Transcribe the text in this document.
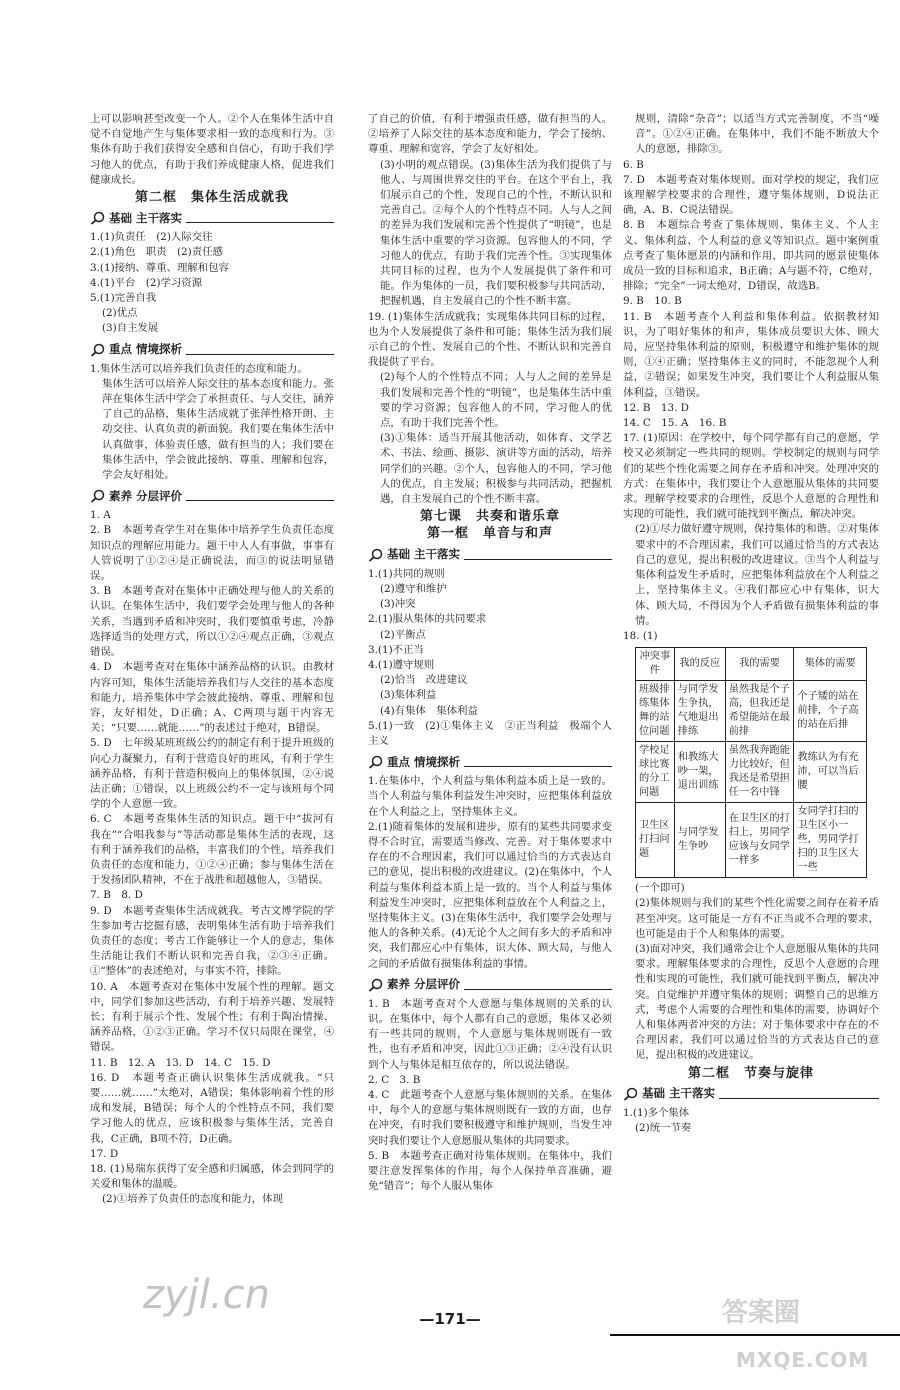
上可以影响甚至改变一个人。②个人在集体生活中自觉不自觉地产生与集体要求相一致的态度和行为。③集体有助于我们获得安全感和自信心，有助于我们学习他人的优点，有助于我们养成健康人格，促进我们健康成长。

第二框　集体生活成就我
基础 主干落实

1.(1)负责任　(2)人际交往

2.(1)角色　职责　(2)责任感

3.(1)接纳、尊重、理解和包容

4.(1)平台　(2)学习资源

5.(1)完善自我

(2)优点

(3)自主发展

重点 情境探析

1.集体生活可以培养我们负责任的态度和能力。

集体生活可以培养人际交往的基本态度和能力。张萍在集体生活中学会了承担责任、与人交往，涵养了自己的品格，集体生活成就了张萍性格开朗、主动交往、认真负责的新面貌。我们要在集体生活中认真做事，体验责任感，做有担当的人；我们要在集体生活中，学会彼此接纳、尊重、理解和包容，学会友好相处。

素养 分层评价

1. A

2. B　本题考查学生对在集体中培养学生负责任态度知识点的理解应用能力。题干中人人有事做，事事有人管说明了①②④是正确说法，而③的说法明显错误。

3. B　本题考查对在集体中正确处理与他人的关系的认识。在集体生活中，我们要学会处理与他人的各种关系，当遇到矛盾和冲突时，我们要慎重考虑，冷静选择适当的处理方式，所以①②④观点正确，③观点错误。

4. D　本题考查对在集体中涵养品格的认识。由教材内容可知，集体生活能培养我们与人交往的基本态度和能力，培养集体中学会彼此接纳、尊重、理解和包容，友好相处，D正确；A、C两项与题干内容无关；“只要……就能……”的表述过于绝对，B错误。

5. D　七年级某班班级公约的制定有利于提升班级的向心力凝聚力，有利于营造良好的班风，有利于学生涵养品格，有利于营造积极向上的集体氛围，②④说法正确；①错误，以上班级公约不一定与该班每个同学的个人意愿一致。

6. C　本题考查集体生活的知识点。题干中“拔河有我在”“合唱我参与”等活动都是集体生活的表现，这有利于涵养我们的品格，丰富我们的个性，培养我们负责任的态度和能力，①②④正确；参与集体生活在于发扬团队精神，不在于战胜和超越他人，③错误。

7. B　8. D

9. D　本题考查集体生活成就我。考古文博学院的学生参加考古挖掘有感，表明集体生活有助于培养我们负责任的态度；考古工作能够让一个人的意志，集体生活能让我们不断认识和完善自我，②③④正确。①“整体”的表述绝对，与事实不符，排除。

10. A　本题考查对在集体中发展个性的理解。题文中，同学们参加这些活动，有利于培养兴趣、发展特长；有利于展示个性、发展个性；有利于陶冶情操、涵养品格，①②③正确。学习不仅只局限在课堂，④错误。

11. B　12. A　13. D　14. C　15. D

16. D　本题考查正确认识集体生活成就我。“只要……就……”太绝对，A错误；集体影响着个性的形成和发展，B错误；每个人的个性特点不同，我们要学习他人的优点，应该积极参与集体生活，完善自我，C正确，B项不符，D正确。

17. D

18. (1)易瑞东获得了安全感和归属感，体会到同学的关爱和集体的温暖。

(2)①培养了负责任的态度和能力，体现

了自己的价值，有利于增强责任感，做有担当的人。②培养了人际交往的基本态度和能力，学会了接纳、尊重、理解和宽容，学会了友好相处。

(3)小明的观点错误。(3)集体生活为我们提供了与他人、与周围世界交往的平台。在这个平台上，我们展示自己的个性，发现自己的个性，不断认识和完善自己。②每个人的个性特点不同。人与人之间的差异为我们发展和完善个性提供了“明镜”，也是集体生活中重要的学习资源。包容他人的不同，学习他人的优点，有助于我们完善个性。③实现集体共同目标的过程，也为个人发展提供了条件和可能。作为集体的一员，我们要积极参与共同活动，把握机遇，自主发展自己的个性不断丰富。

19. (1)集体生活成就我；实现集体共同目标的过程，也为个人发展提供了条件和可能；集体生活为我们展示自己的个性、发展自己的个性、不断认识和完善自我提供了平台。

(2)每个人的个性特点不同；人与人之间的差异是我们发展和完善个性的“明镜”，也是集体生活中重要的学习资源；包容他人的不同，学习他人的优点，有助于我们完善个性。

(3)①集体：适当开展其他活动，如体育、文学艺术、书法、绘画、摄影、演讲等方面的活动，培养同学们的兴趣。②个人，包容他人的不同，学习他人的优点，自主发展；积极参与共同活动，把握机遇，自主发展自己的个性不断丰富。

第七课　共奏和谐乐章
第一框　单音与和声
基础 主干落实

1.(1)共同的规则

(2)遵守和维护

(3)冲突

2.(1)服从集体的共同要求

(2)平衡点

3.(1)不正当

4.(1)遵守规则

(2)恰当　改进建议

(3)集体利益

(4)有集体　集体利益

5.(1)一致　(2)①集体主义　②正当利益　极端个人主义

重点 情境探析

1.在集体中，个人利益与集体利益本质上是一致的。当个人利益与集体利益发生冲突时，应把集体利益放在个人利益之上，坚持集体主义。

2.(1)随着集体的发展和进步，原有的某些共同要求变得不合时宜，需要适当修改、完善。对于集体要求中存在的不合理因素，我们可以通过恰当的方式表达自己的意见，提出积极的改进建议。(2)在集体中，个人利益与集体利益本质上是一致的。当个人利益与集体利益发生冲突时，应把集体利益放在个人利益之上，坚持集体主义。(3)在集体生活中，我们要学会处理与他人的各种关系。(4)无论个人之间有多大的矛盾和冲突，我们都应心中有集体，识大体、顾大局，与他人之间的矛盾做有损集体利益的事情。

素养 分层评价

1. B　本题考查对个人意愿与集体规则的关系的认识。在集体中，每个人都有自己的意愿，集体又必须有一些共同的规则，个人意愿与集体规则既有一致性，也有矛盾和冲突，因此①③正确；②④没有认识到个人与集体是相互依存的，所以说法错误。

2. C　3. B

4. C　此题考查个人意愿与集体规则的关系。在集体中，每个人的意愿与集体规则既有一致的方面，也存在冲突，有时我们要积极遵守和维护规则，当发生冲突时我们要让个人意愿服从集体的共同要求。

5. B　本题考查正确对待集体规则。在集体中，我们要注意发挥集体的作用，每个人保持单音准确，避免“错音”；每个人服从集体

规则，清除“杂音”；以适当方式完善制度，不当“噪音”。①②④正确。在集体中，我们不能不断放大个人的意愿，排除③。

6. B

7. D　本题考查对集体规则。面对学校的规定，我们应该理解学校要求的合理性，遵守集体规则，D说法正确，A、B、C说法错误。

8. B　本题综合考查了集体规则、集体主义、个人主义、集体利益、个人利益的意义等知识点。题中案例重点考查了集体愿景的内涵和作用，即共同的愿景使集体成员一致的目标和追求，B正确；A与题不符，C绝对，排除；“完全”一词太绝对，D错误，故选B。

9. B　10. B

11. B　本题考查个人利益和集体利益。依据教材知识，为了唱好集体的和声，集体成员要识大体、顾大局，应坚持集体利益的原则，积极遵守和维护集体的规则，①④正确；坚持集体主义的同时，不能忽视个人利益，②错误；如果发生冲突，我们要让个人利益服从集体利益，③错误。

12. B　13. D

14. C　15. A　16. B

17. (1)原因：在学校中，每个同学都有自己的意愿，学校又必须制定一些共同的规则。学校制定的规则与同学们的某些个性化需要之间存在矛盾和冲突。处理冲突的方式：在集体中，我们要让个人意愿服从集体的共同要求。理解学校要求的合理性，反思个人意愿的合理性和实现的可能性，我们就可能找到平衡点，解决冲突。

(2)①尽力做好遵守规则，保持集体的和谐。②对集体要求中的不合理因素，我们可以通过恰当的方式表达自己的意见，提出积极的改进建议。③当个人利益与集体利益发生矛盾时，应把集体利益放在个人利益之上，坚持集体主义。④我们都应心中有集体，识大体、顾大局，不得因为个人矛盾做有损集体利益的事情。

18. (1)

冲突事件	我的反应	我的需要	集体的需要
班级排练集体舞的站位问题	与同学发生争执，气地退出排练	虽然我是个子高，但我还是希望能站在最前排	个子矮的站在前排，个子高的站在后排
学校足球比赛的分工问题	和教练大吵一架，退出训练	虽然我奔跑能力比较好，但我还是希望担任一名中锋	教练认为有充沛，可以当后腰
卫生区打扫问题	与同学发生争吵	在卫生区的打扫上，男同学应该与女同学一样多	女同学打扫的卫生区小一些，男同学打扫的卫生区大一些

(一个即可)

(2)集体规则与我们的某些个性化需要之间存在着矛盾甚至冲突。这可能是一方有不正当或不合理的要求，也可能是由于个人和集体的需要。

(3)面对冲突，我们通常会让个人意愿服从集体的共同要求。理解集体要求的合理性，反思个人意愿的合理性和实现的可能性，我们就可能找到平衡点，解决冲突。自觉维护并遵守集体的规则；调整自己的思维方式，考虑个人需要的合理性和集体的需要，协调好个人和集体两者冲突的方法；对于集体要求中存在的不合理因素，我们可以通过恰当的方式表达自己的意见，提出积极的改进建议。

第二框　节奏与旋律
基础 主干落实

1.(1)多个集体

(2)统一节奏

—171—
zyjl.cn	答案圈
MXQE.COM
